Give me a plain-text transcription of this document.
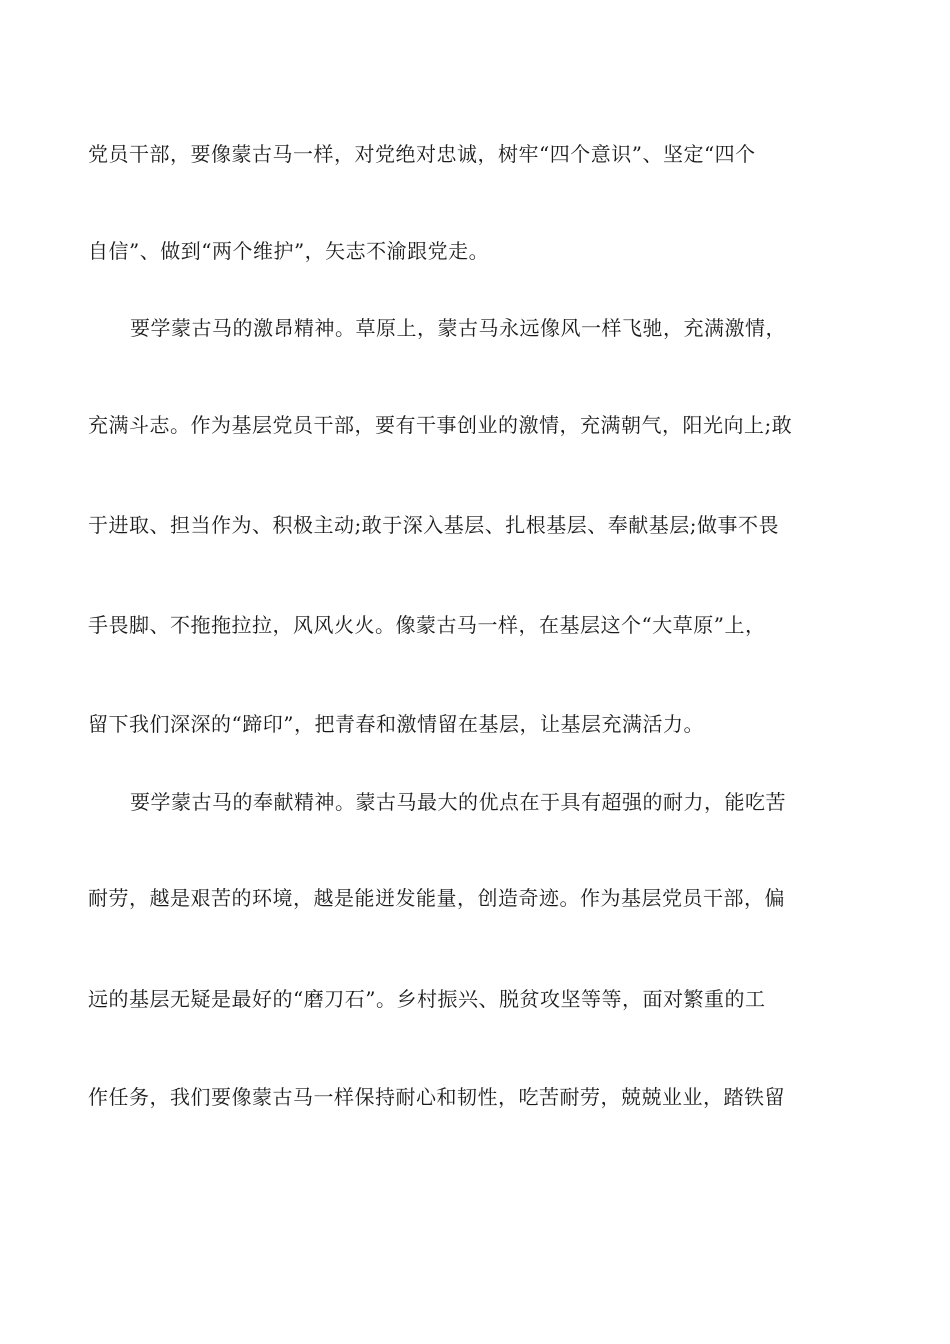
党员干部，要像蒙古马一样，对党绝对忠诚，树牢“四个意识”、坚定“四个
自信”、做到“两个维护”，矢志不渝跟党走。
要学蒙古马的激昂精神。草原上，蒙古马永远像风一样飞驰，充满激情，
充满斗志。作为基层党员干部，要有干事创业的激情，充满朝气，阳光向上;敢
于进取、担当作为、积极主动;敢于深入基层、扎根基层、奉献基层;做事不畏
手畏脚、不拖拖拉拉，风风火火。像蒙古马一样，在基层这个“大草原”上，
留下我们深深的“蹄印”，把青春和激情留在基层，让基层充满活力。
要学蒙古马的奉献精神。蒙古马最大的优点在于具有超强的耐力，能吃苦
耐劳，越是艰苦的环境，越是能迸发能量，创造奇迹。作为基层党员干部，偏
远的基层无疑是最好的“磨刀石”。乡村振兴、脱贫攻坚等等，面对繁重的工
作任务，我们要像蒙古马一样保持耐心和韧性，吃苦耐劳，兢兢业业，踏铁留
